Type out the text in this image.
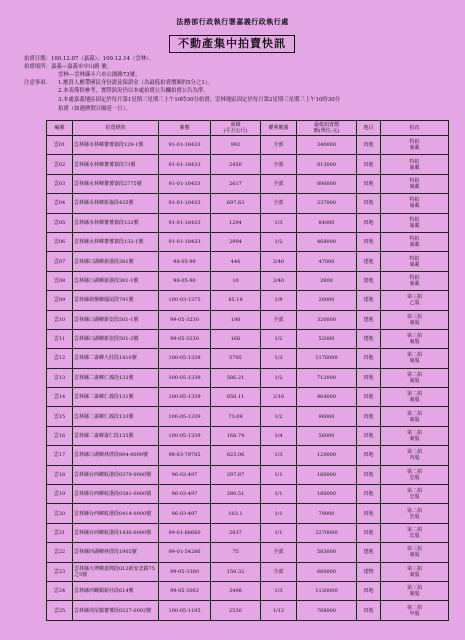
法務部行政執行署嘉義行政執行處
不動產集中拍賣快訊
拍賣日期：100.12.07（嘉義）、100.12.14（雲林）。
拍賣場所：嘉義---嘉義市中山路 號。
雲林---雲林縣斗六市公園路73號。
注意事項： 1.應買人應帶國民身份證及保證金（為最低拍賣價額的5分之1）。
2.本表僅供參考，實際狀況仍以本處拍賣公告欄拍賣公告為準。
3.本處嘉義地區固定於每月第1星期三星期三上午10時30分拍賣；雲林地區固定於每月第2星期三星期三上午10時30分
拍賣（如遇例假日順延一日）。
編號	拍賣標的	案號	面積
(平方公尺)	權利範圍	最低拍賣價
額(單位:元)	地目	拍次
雲01	雲林縣水林鄉蕃薯寮段129-1號	91-01-18433	992	全部	340000	田地	特拍
裏載

雲02	雲林縣水林鄉蕃薯寮段73號	91-01-18433	2450	全部	813000	田地	特拍
裏載

雲03	雲林縣水林鄉蕃薯寮段2775號	91-01-18433	2617	全部	896000	田地	特拍
裏載

雲04	雲林縣水林鄉新崙段435號	91-01-18433	697.63	全部	237000	田地	特拍
裏載

雲05	雲林縣水林鄉蕃薯寮段132號	91-01-18433	1204	1/3	84000	田地	特拍
裏載

雲06	雲林縣水林鄉蕃薯寮段132-1號	91-01-18433	2994	1/2	468000	田地	特拍
裏載

雲07	雲林縣口湖鄉新港段381號	98-05-90	446	2/40	47000	建地	特拍
裏載

雲08	雲林縣口湖鄉新港段381-1號	98-05-90	10	2/40	2800	建地	特拍
裏載

雲09	雲林縣莿桐鄉鳳尾段791號	100-03-1375	85.18	1/9	20000	建地	第三拍
乙股

雲10	雲林縣口湖鄉新安段501-1號	99-05-3230	198	全部	320000	建地	第三拍
裏股

雲11	雲林縣口湖鄉新安段501-2號	99-05-3230	166	1/2	52000	建地	第三拍
裏股

雲12	雲林縣二崙鄉大莊段1410號	100-05-1339	5795	1/3	1176000	田地	第二拍
裏股

雲13	雲林縣二崙鄉仁義段132號	100-05-1339	586.21	1/2	712000	田地	第二拍
裏股

雲14	雲林縣二崙鄉仁義段131號	100-05-1339	850.11	2/16	464000	田地	第二拍
裏股

雲15	雲林縣二崙鄉仁義段133號	100-05-1339	73.09	1/2	96000	田地	第二拍
裏股

雲16	雲林縣二崙鄉崙仁段135號	100-05-1339	168.74	1/4	56000	田地	第二拍
裏股

雲17	雲林縣口湖鄉林厝段894-0000號	98-03-79785	823.06	1/3	120000	田地	第二拍
內股

雲18	雲林縣台西鄉蚊港段0379-0000號	96-03-497	297.87	1/1	160000	田地	第二拍
忠股

雲19	雲林縣台西鄉蚊港段0381-0000號	96-03-497	280.51	1/1	180000	田地	第二拍
忠股

雲20	雲林縣台西鄉蚊港段0414-0000號	96-03-497	103.1	1/1	70000	田地	第二拍
忠股

雲21	雲林縣台西鄉蚊港段1436-0000號	99-01-66680	2837	1/1	2270000	田地	第二拍
忠股

雲22	雲林縣四湖鄉林厝段1905號	99-01-54286	75	全部	583000	建地	第三拍
裏股

雲23	雲林縣大埤鄉嘉興段012新安北路75之5號	99-05-3300	150.32	全部	660000	建物	第三拍
裏股

雲24	雲林縣西螺鎮新社段614號	99-05-3002	3498	1/3	1130000	田地	第三拍
裏股

雲25	雲林縣虎尾鎮蕃薯段0227-0002號	100-05-1195	2530	1/12	768000	田地	第二拍
甲股
